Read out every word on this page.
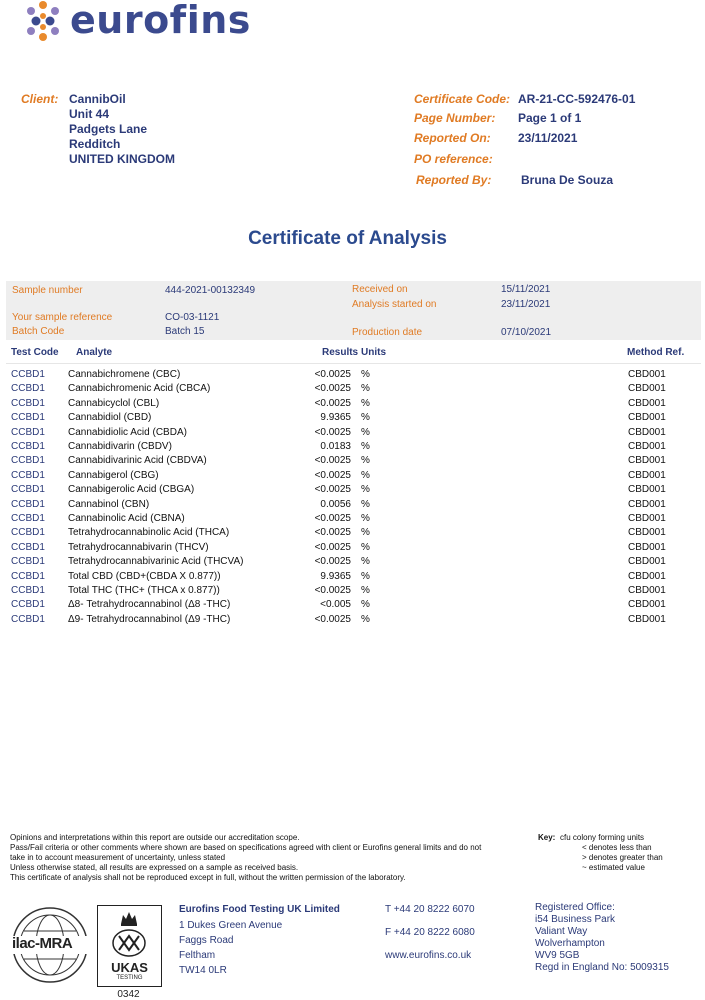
eurofins
Client: CannibOil
Unit 44
Padgets Lane
Redditch
UNITED KINGDOM
Certificate Code: AR-21-CC-592476-01
Page Number: Page 1 of 1
Reported On: 23/11/2021
PO reference:
Reported By: Bruna De Souza
Certificate of Analysis
Sample number	444-2021-00132349	Received on	15/11/2021
Analysis started on	23/11/2021
Your sample reference	CO-03-1121
Batch Code	Batch 15	Production date	07/10/2021
Test Code Analyte	Results Units	Method Ref.
CCBD1 Cannabichromene (CBC)	<0.0025 %	CBD001
CCBD1 Cannabichromenic Acid (CBCA)	<0.0025 %	CBD001
CCBD1 Cannabicyclol (CBL)	<0.0025 %	CBD001
CCBD1 Cannabidiol (CBD)	9.9365 %	CBD001
CCBD1 Cannabidiolic Acid (CBDA)	<0.0025 %	CBD001
CCBD1 Cannabidivarin (CBDV)	0.0183 %	CBD001
CCBD1 Cannabidivarinic Acid (CBDVA)	<0.0025 %	CBD001
CCBD1 Cannabigerol (CBG)	<0.0025 %	CBD001
CCBD1 Cannabigerolic Acid (CBGA)	<0.0025 %	CBD001
CCBD1 Cannabinol (CBN)	0.0056 %	CBD001
CCBD1 Cannabinolic Acid (CBNA)	<0.0025 %	CBD001
CCBD1 Tetrahydrocannabinolic Acid (THCA)	<0.0025 %	CBD001
CCBD1 Tetrahydrocannabivarin (THCV)	<0.0025 %	CBD001
CCBD1 Tetrahydrocannabivarinic Acid (THCVA)	<0.0025 %	CBD001
CCBD1 Total CBD (CBD+(CBDA X 0.877))	9.9365 %	CBD001
CCBD1 Total THC (THC+ (THCA x 0.877))	<0.0025 %	CBD001
CCBD1 Δ8- Tetrahydrocannabinol (Δ8 -THC)	<0.005 %	CBD001
CCBD1 Δ9- Tetrahydrocannabinol (Δ9 -THC)	<0.0025 %	CBD001
Opinions and interpretations within this report are outside our accreditation scope.
Pass/Fail criteria or other comments where shown are based on specifications agreed with client or Eurofins general limits and do not
take in to account measurement of uncertainty, unless stated
Unless otherwise stated, all results are expressed on a sample as received basis.
This certificate of analysis shall not be reproduced except in full, without the written permission of the laboratory.
Key: cfu colony forming units
< denotes less than
> denotes greater than
~ estimated value
ilac-MRA
UKAS
TESTING
0342
Eurofins Food Testing UK Limited
1 Dukes Green Avenue
Faggs Road
Feltham
TW14 0LR
T +44 20 8222 6070
F +44 20 8222 6080
www.eurofins.co.uk
Registered Office:
i54 Business Park
Valiant Way
Wolverhampton
WV9 5GB
Regd in England No: 5009315
